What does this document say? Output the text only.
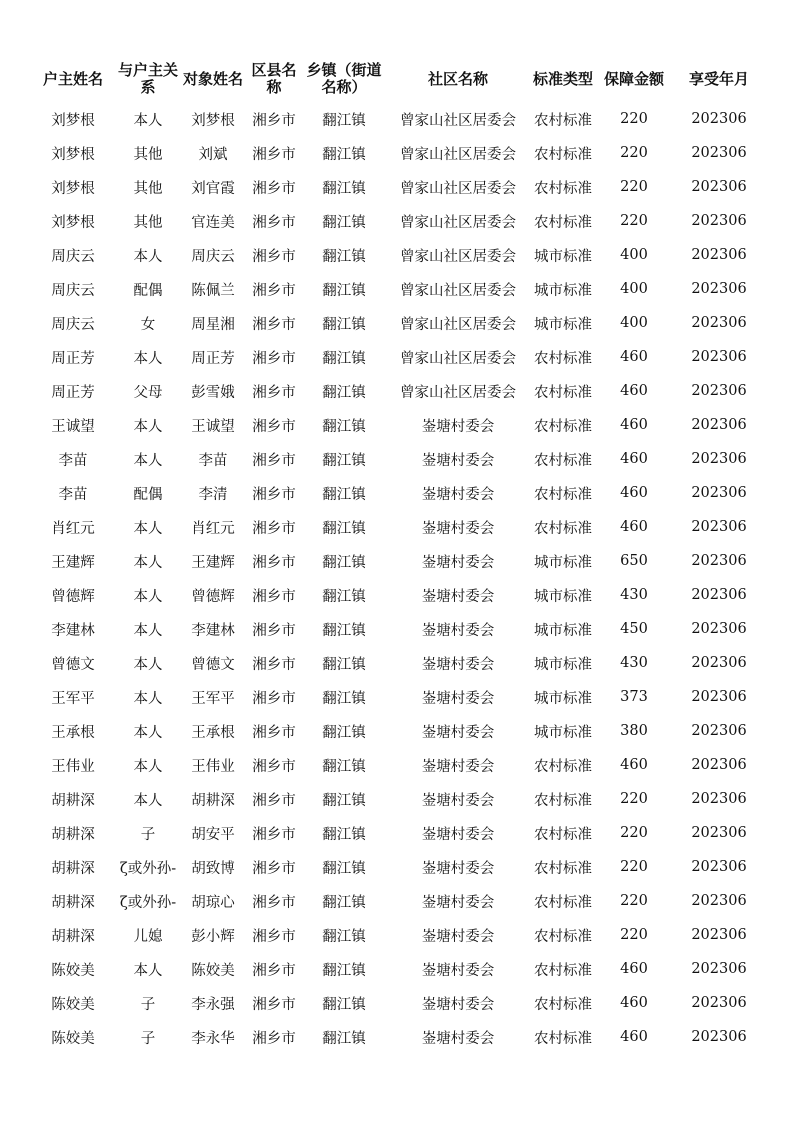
户主姓名	与户主关系	对象姓名	区县名称	乡镇（街道名称）	社区名称	标准类型	保障金额	享受年月
刘梦根	本人	刘梦根	湘乡市	翻江镇	曾家山社区居委会	农村标准	220	202306
刘梦根	其他	刘斌	湘乡市	翻江镇	曾家山社区居委会	农村标准	220	202306
刘梦根	其他	刘官霞	湘乡市	翻江镇	曾家山社区居委会	农村标准	220	202306
刘梦根	其他	官连美	湘乡市	翻江镇	曾家山社区居委会	农村标准	220	202306
周庆云	本人	周庆云	湘乡市	翻江镇	曾家山社区居委会	城市标准	400	202306
周庆云	配偶	陈佩兰	湘乡市	翻江镇	曾家山社区居委会	城市标准	400	202306
周庆云	女	周星湘	湘乡市	翻江镇	曾家山社区居委会	城市标准	400	202306
周正芳	本人	周正芳	湘乡市	翻江镇	曾家山社区居委会	农村标准	460	202306
周正芳	父母	彭雪娥	湘乡市	翻江镇	曾家山社区居委会	农村标准	460	202306
王诚望	本人	王诚望	湘乡市	翻江镇	崟塘村委会	农村标准	460	202306
李苗	本人	李苗	湘乡市	翻江镇	崟塘村委会	农村标准	460	202306
李苗	配偶	李清	湘乡市	翻江镇	崟塘村委会	农村标准	460	202306
肖红元	本人	肖红元	湘乡市	翻江镇	崟塘村委会	农村标准	460	202306
王建辉	本人	王建辉	湘乡市	翻江镇	崟塘村委会	城市标准	650	202306
曾德辉	本人	曾德辉	湘乡市	翻江镇	崟塘村委会	城市标准	430	202306
李建林	本人	李建林	湘乡市	翻江镇	崟塘村委会	城市标准	450	202306
曾德文	本人	曾德文	湘乡市	翻江镇	崟塘村委会	城市标准	430	202306
王军平	本人	王军平	湘乡市	翻江镇	崟塘村委会	城市标准	373	202306
王承根	本人	王承根	湘乡市	翻江镇	崟塘村委会	城市标准	380	202306
王伟业	本人	王伟业	湘乡市	翻江镇	崟塘村委会	农村标准	460	202306
胡耕深	本人	胡耕深	湘乡市	翻江镇	崟塘村委会	农村标准	220	202306
胡耕深	子	胡安平	湘乡市	翻江镇	崟塘村委会	农村标准	220	202306
胡耕深	ζ或外孙-	胡致博	湘乡市	翻江镇	崟塘村委会	农村标准	220	202306
胡耕深	ζ或外孙-	胡琼心	湘乡市	翻江镇	崟塘村委会	农村标准	220	202306
胡耕深	儿媳	彭小辉	湘乡市	翻江镇	崟塘村委会	农村标准	220	202306
陈姣美	本人	陈姣美	湘乡市	翻江镇	崟塘村委会	农村标准	460	202306
陈姣美	子	李永强	湘乡市	翻江镇	崟塘村委会	农村标准	460	202306
陈姣美	子	李永华	湘乡市	翻江镇	崟塘村委会	农村标准	460	202306
